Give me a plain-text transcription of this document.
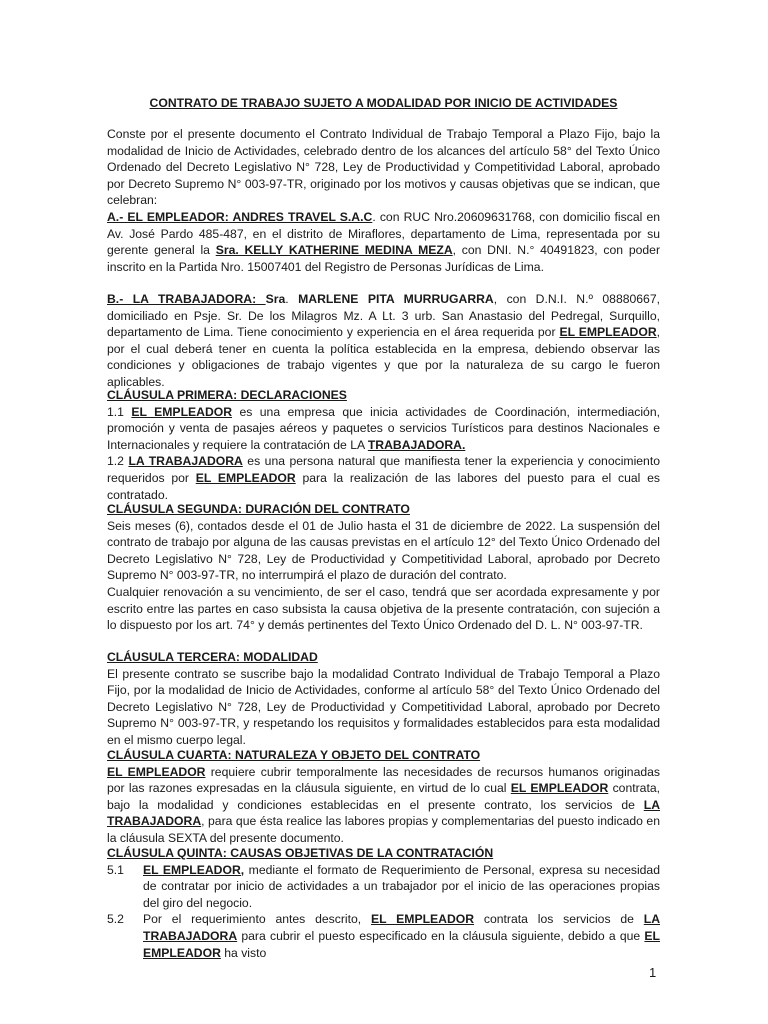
CONTRATO DE TRABAJO SUJETO A MODALIDAD POR INICIO DE ACTIVIDADES

Conste por el presente documento el Contrato Individual de Trabajo Temporal a Plazo Fijo, bajo la modalidad de Inicio de Actividades, celebrado dentro de los alcances del artículo 58° del Texto Único Ordenado del Decreto Legislativo N° 728, Ley de Productividad y Competitividad Laboral, aprobado por Decreto Supremo N° 003-97-TR, originado por los motivos y causas objetivas que se indican, que celebran:

A.- EL EMPLEADOR: ANDRES TRAVEL S.A.C. con RUC Nro.20609631768, con domicilio fiscal en Av. José Pardo 485-487, en el distrito de Miraflores, departamento de Lima, representada por su gerente general la Sra. KELLY KATHERINE MEDINA MEZA, con DNI. N.° 40491823, con poder inscrito en la Partida Nro. 15007401 del Registro de Personas Jurídicas de Lima.

B.- LA TRABAJADORA: Sra. MARLENE PITA MURRUGARRA, con D.N.I. N.º 08880667, domiciliado en Psje. Sr. De los Milagros Mz. A Lt. 3 urb. San Anastasio del Pedregal, Surquillo, departamento de Lima. Tiene conocimiento y experiencia en el área requerida por EL EMPLEADOR, por el cual deberá tener en cuenta la política establecida en la empresa, debiendo observar las condiciones y obligaciones de trabajo vigentes y que por la naturaleza de su cargo le fueron aplicables.

CLÁUSULA PRIMERA: DECLARACIONES

1.1 EL EMPLEADOR es una empresa que inicia actividades de Coordinación, intermediación, promoción y venta de pasajes aéreos y paquetes o servicios Turísticos para destinos Nacionales e Internacionales y requiere la contratación de LA TRABAJADORA.

1.2 LA TRABAJADORA es una persona natural que manifiesta tener la experiencia y conocimiento requeridos por EL EMPLEADOR para la realización de las labores del puesto para el cual es contratado.

CLÁUSULA SEGUNDA: DURACIÓN DEL CONTRATO

Seis meses (6), contados desde el 01 de Julio hasta el 31 de diciembre de 2022. La suspensión del contrato de trabajo por alguna de las causas previstas en el artículo 12° del Texto Único Ordenado del Decreto Legislativo N° 728, Ley de Productividad y Competitividad Laboral, aprobado por Decreto Supremo N° 003-97-TR, no interrumpirá el plazo de duración del contrato.

Cualquier renovación a su vencimiento, de ser el caso, tendrá que ser acordada expresamente y por escrito entre las partes en caso subsista la causa objetiva de la presente contratación, con sujeción a lo dispuesto por los art. 74° y demás pertinentes del Texto Único Ordenado del D. L. N° 003-97-TR.

CLÁUSULA TERCERA: MODALIDAD

El presente contrato se suscribe bajo la modalidad Contrato Individual de Trabajo Temporal a Plazo Fijo, por la modalidad de Inicio de Actividades, conforme al artículo 58° del Texto Único Ordenado del Decreto Legislativo N° 728, Ley de Productividad y Competitividad Laboral, aprobado por Decreto Supremo N° 003-97-TR, y respetando los requisitos y formalidades establecidos para esta modalidad en el mismo cuerpo legal.

CLÁUSULA CUARTA: NATURALEZA Y OBJETO DEL CONTRATO

EL EMPLEADOR requiere cubrir temporalmente las necesidades de recursos humanos originadas por las razones expresadas en la cláusula siguiente, en virtud de lo cual EL EMPLEADOR contrata, bajo la modalidad y condiciones establecidas en el presente contrato, los servicios de LA TRABAJADORA, para que ésta realice las labores propias y complementarias del puesto indicado en la cláusula SEXTA del presente documento.

CLÁUSULA QUINTA: CAUSAS OBJETIVAS DE LA CONTRATACIÓN

5.1	EL EMPLEADOR, mediante el formato de Requerimiento de Personal, expresa su necesidad de contratar por inicio de actividades a un trabajador por el inicio de las operaciones propias del giro del negocio.
5.2	Por el requerimiento antes descrito, EL EMPLEADOR contrata los servicios de LA TRABAJADORA para cubrir el puesto especificado en la cláusula siguiente, debido a que EL EMPLEADOR ha visto
1
